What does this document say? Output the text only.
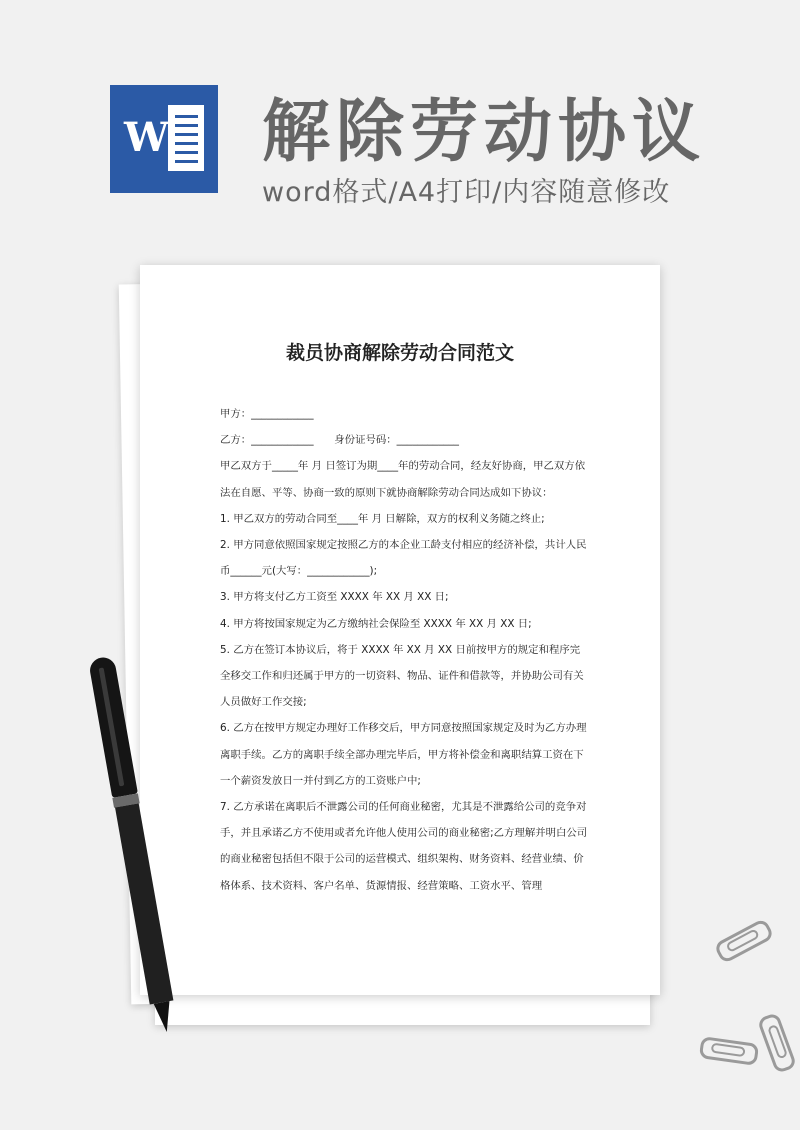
W 解除劳动协议
word格式/A4打印/内容随意修改
裁员协商解除劳动合同范文

甲方：____________

乙方：____________　　身份证号码：____________

甲乙双方于_____年 月 日签订为期____年的劳动合同，经友好协商，甲乙双方依法在自愿、平等、协商一致的原则下就协商解除劳动合同达成如下协议：

1. 甲乙双方的劳动合同至____年 月 日解除，双方的权利义务随之终止;

2. 甲方同意依照国家规定按照乙方的本企业工龄支付相应的经济补偿，共计人民币______元(大写：____________);

3. 甲方将支付乙方工资至 XXXX 年 XX 月 XX 日;

4. 甲方将按国家规定为乙方缴纳社会保险至 XXXX 年 XX 月 XX 日;

5. 乙方在签订本协议后，将于 XXXX 年 XX 月 XX 日前按甲方的规定和程序完全移交工作和归还属于甲方的一切资料、物品、证件和借款等，并协助公司有关人员做好工作交接;

6. 乙方在按甲方规定办理好工作移交后，甲方同意按照国家规定及时为乙方办理离职手续。乙方的离职手续全部办理完毕后，甲方将补偿金和离职结算工资在下一个薪资发放日一并付到乙方的工资账户中;

7. 乙方承诺在离职后不泄露公司的任何商业秘密，尤其是不泄露给公司的竞争对手，并且承诺乙方不使用或者允许他人使用公司的商业秘密;乙方理解并明白公司的商业秘密包括但不限于公司的运营模式、组织架构、财务资料、经营业绩、价格体系、技术资料、客户名单、货源情报、经营策略、工资水平、管理
